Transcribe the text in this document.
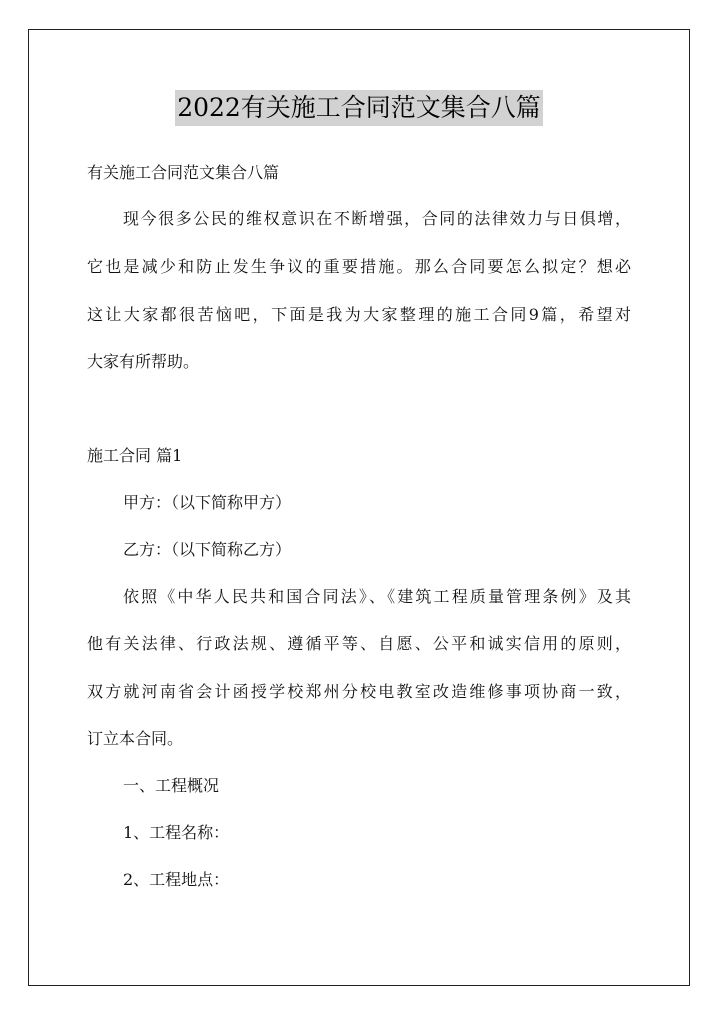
2022有关施工合同范文集合八篇
有关施工合同范文集合八篇
现今很多公民的维权意识在不断增强，合同的法律效力与日俱增，
它也是减少和防止发生争议的重要措施。那么合同要怎么拟定？想必
这让大家都很苦恼吧，下面是我为大家整理的施工合同9篇，希望对
大家有所帮助。
施工合同 篇1
甲方：（以下简称甲方）
乙方：（以下简称乙方）
依照《中华人民共和国合同法》、《建筑工程质量管理条例》及其
他有关法律、行政法规、遵循平等、自愿、公平和诚实信用的原则，
双方就河南省会计函授学校郑州分校电教室改造维修事项协商一致，
订立本合同。
一、工程概况
1、工程名称：
2、工程地点：
